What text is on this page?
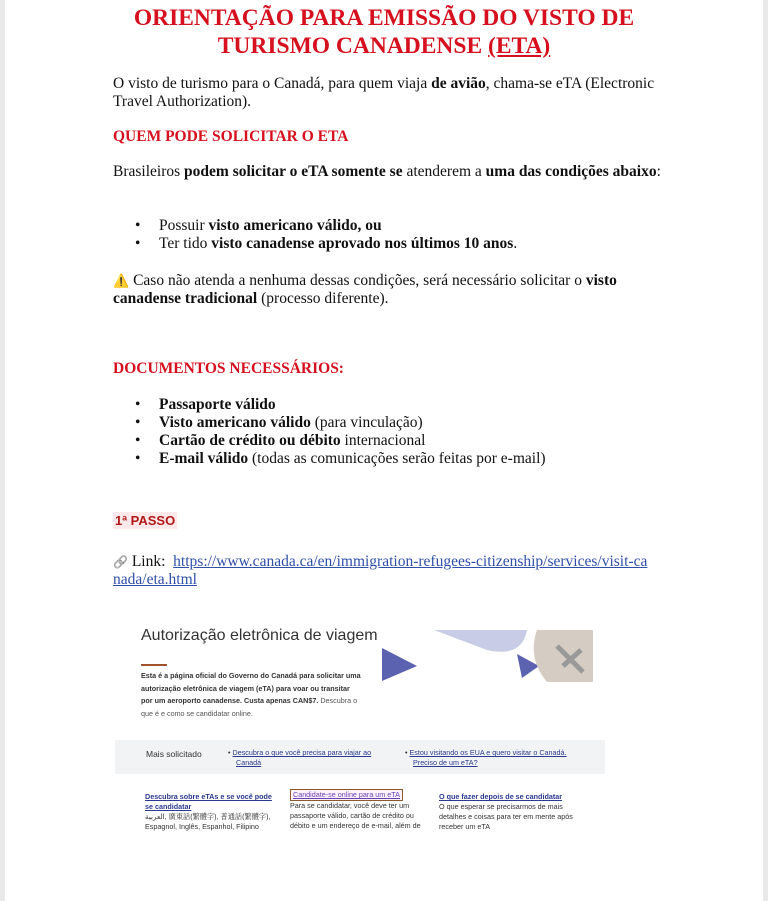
ORIENTAÇÃO PARA EMISSÃO DO VISTO DE
TURISMO CANADENSE (ETA)
O visto de turismo para o Canadá, para quem viaja de avião, chama-se eTA (Electronic Travel Authorization).
QUEM PODE SOLICITAR O ETA
Brasileiros podem solicitar o eTA somente se atenderem a uma das condições abaixo:
• Possuir visto americano válido, ou
• Ter tido visto canadense aprovado nos últimos 10 anos.
⚠️ Caso não atenda a nenhuma dessas condições, será necessário solicitar o visto canadense tradicional (processo diferente).
DOCUMENTOS NECESSÁRIOS:
• Passaporte válido
• Visto americano válido (para vinculação)
• Cartão de crédito ou débito internacional
• E-mail válido (todas as comunicações serão feitas por e-mail)
1ª PASSO
🔗 Link: https://www.canada.ca/en/immigration-refugees-citizenship/services/visit-canada/eta.html
Autorização eletrônica de viagem
Esta é a página oficial do Governo do Canadá para solicitar uma autorização eletrônica de viagem (eTA) para voar ou transitar por um aeroporto canadense. Custa apenas CAN$7. Descubra o que é e como se candidatar online.
Mais solicitado	• Descubra o que você precisa para viajar ao Canadá
• Estou visitando os EUA e quero visitar o Canadá. Preciso de um eTA?
Descubra sobre eTAs e se você pode se candidatar
العربية, 廣東話(繁體字), 普通話(繁體字), Espagnol, Inglês, Espanhol, Filipino
Candidate-se online para um eTA
Para se candidatar, você deve ter um passaporte válido, cartão de crédito ou débito e um endereço de e-mail, além de
O que fazer depois de se candidatar
O que esperar se precisarmos de mais detalhes e coisas para ter em mente após receber um eTA
